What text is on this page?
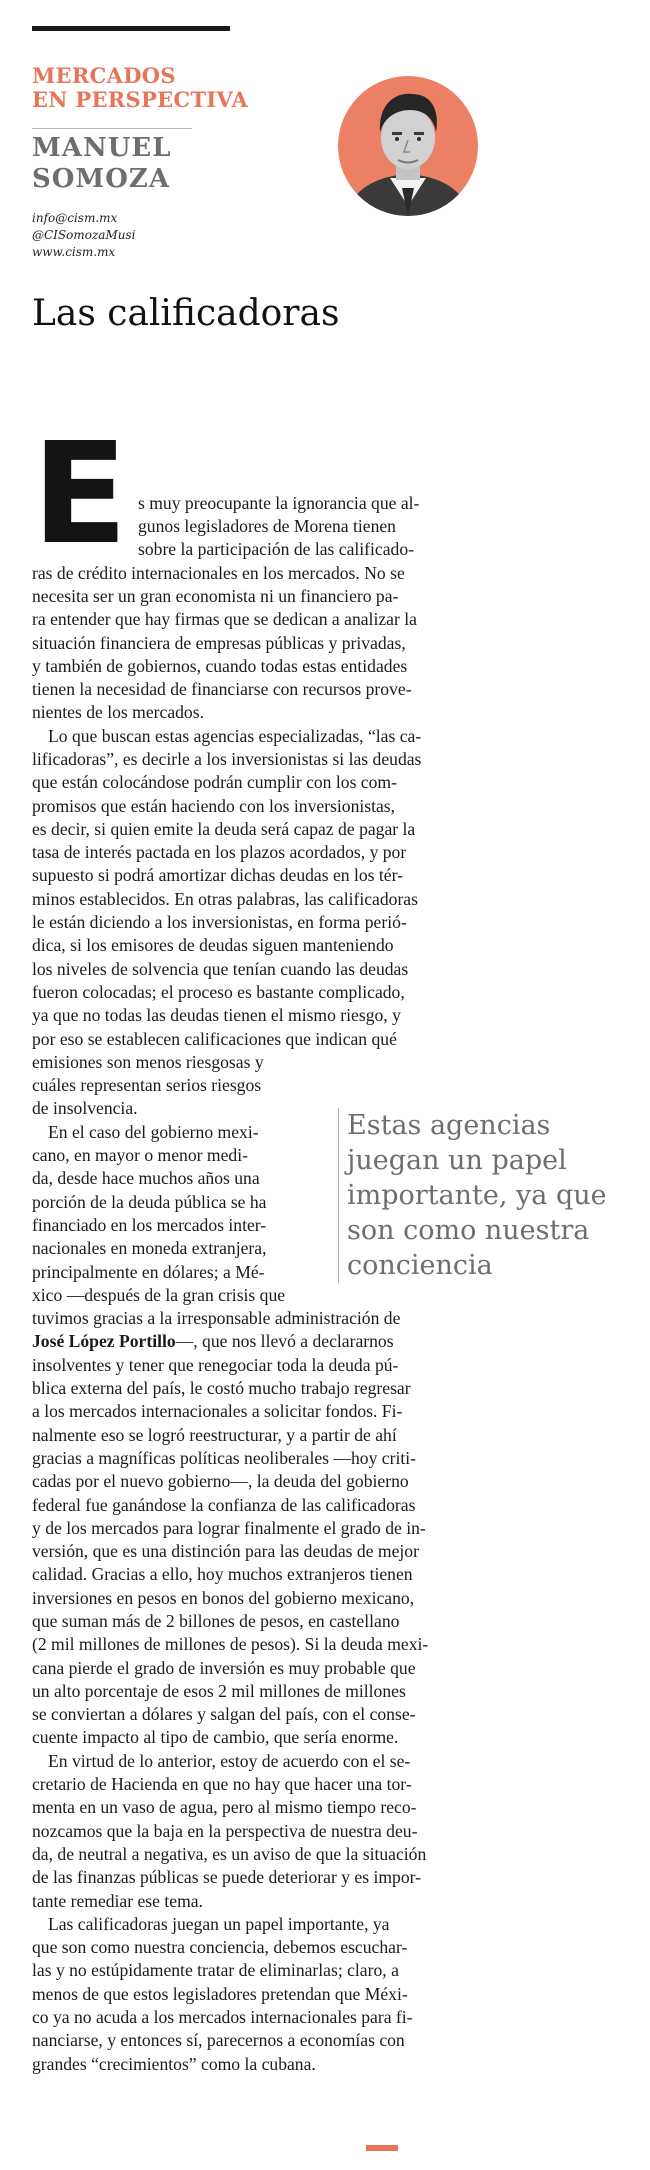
MERCADOS
EN PERSPECTIVA
MANUEL
SOMOZA
info@cism.mx
@CISomozaMusi
www.cism.mx
Las calificadoras
E s muy preocupante la ignorancia que al-
gunos legisladores de Morena tienen
sobre la participación de las calificado-
ras de crédito internacionales en los mercados. No se
necesita ser un gran economista ni un financiero pa-
ra entender que hay firmas que se dedican a analizar la
situación financiera de empresas públicas y privadas,
y también de gobiernos, cuando todas estas entidades
tienen la necesidad de financiarse con recursos prove-
nientes de los mercados.
Lo que buscan estas agencias especializadas, “las ca-
lificadoras”, es decirle a los inversionistas si las deudas
que están colocándose podrán cumplir con los com-
promisos que están haciendo con los inversionistas,
es decir, si quien emite la deuda será capaz de pagar la
tasa de interés pactada en los plazos acordados, y por
supuesto si podrá amortizar dichas deudas en los tér-
minos establecidos. En otras palabras, las calificadoras
le están diciendo a los inversionistas, en forma perió-
dica, si los emisores de deudas siguen manteniendo
los niveles de solvencia que tenían cuando las deudas
fueron colocadas; el proceso es bastante complicado,
ya que no todas las deudas tienen el mismo riesgo, y
por eso se establecen calificaciones que indican qué
emisiones son menos riesgosas y
cuáles representan serios riesgos
de insolvencia.
En el caso del gobierno mexi-
cano, en mayor o menor medi-
da, desde hace muchos años una
porción de la deuda pública se ha
financiado en los mercados inter-
nacionales en moneda extranjera,
principalmente en dólares; a Mé-
xico —después de la gran crisis que
tuvimos gracias a la irresponsable administración de
José López Portillo—, que nos llevó a declararnos
insolventes y tener que renegociar toda la deuda pú-
blica externa del país, le costó mucho trabajo regresar
a los mercados internacionales a solicitar fondos. Fi-
nalmente eso se logró reestructurar, y a partir de ahí
gracias a magníficas políticas neoliberales —hoy criti-
cadas por el nuevo gobierno—, la deuda del gobierno
federal fue ganándose la confianza de las calificadoras
y de los mercados para lograr finalmente el grado de in-
versión, que es una distinción para las deudas de mejor
calidad. Gracias a ello, hoy muchos extranjeros tienen
inversiones en pesos en bonos del gobierno mexicano,
que suman más de 2 billones de pesos, en castellano
(2 mil millones de millones de pesos). Si la deuda mexi-
cana pierde el grado de inversión es muy probable que
un alto porcentaje de esos 2 mil millones de millones
se conviertan a dólares y salgan del país, con el conse-
cuente impacto al tipo de cambio, que sería enorme.
En virtud de lo anterior, estoy de acuerdo con el se-
cretario de Hacienda en que no hay que hacer una tor-
menta en un vaso de agua, pero al mismo tiempo reco-
nozcamos que la baja en la perspectiva de nuestra deu-
da, de neutral a negativa, es un aviso de que la situación
de las finanzas públicas se puede deteriorar y es impor-
tante remediar ese tema.
Las calificadoras juegan un papel importante, ya
que son como nuestra conciencia, debemos escuchar-
las y no estúpidamente tratar de eliminarlas; claro, a
menos de que estos legisladores pretendan que Méxi-
co ya no acuda a los mercados internacionales para fi-
nanciarse, y entonces sí, parecernos a economías con
grandes “crecimientos” como la cubana.
Estas agencias
juegan un papel
importante, ya que
son como nuestra
conciencia
